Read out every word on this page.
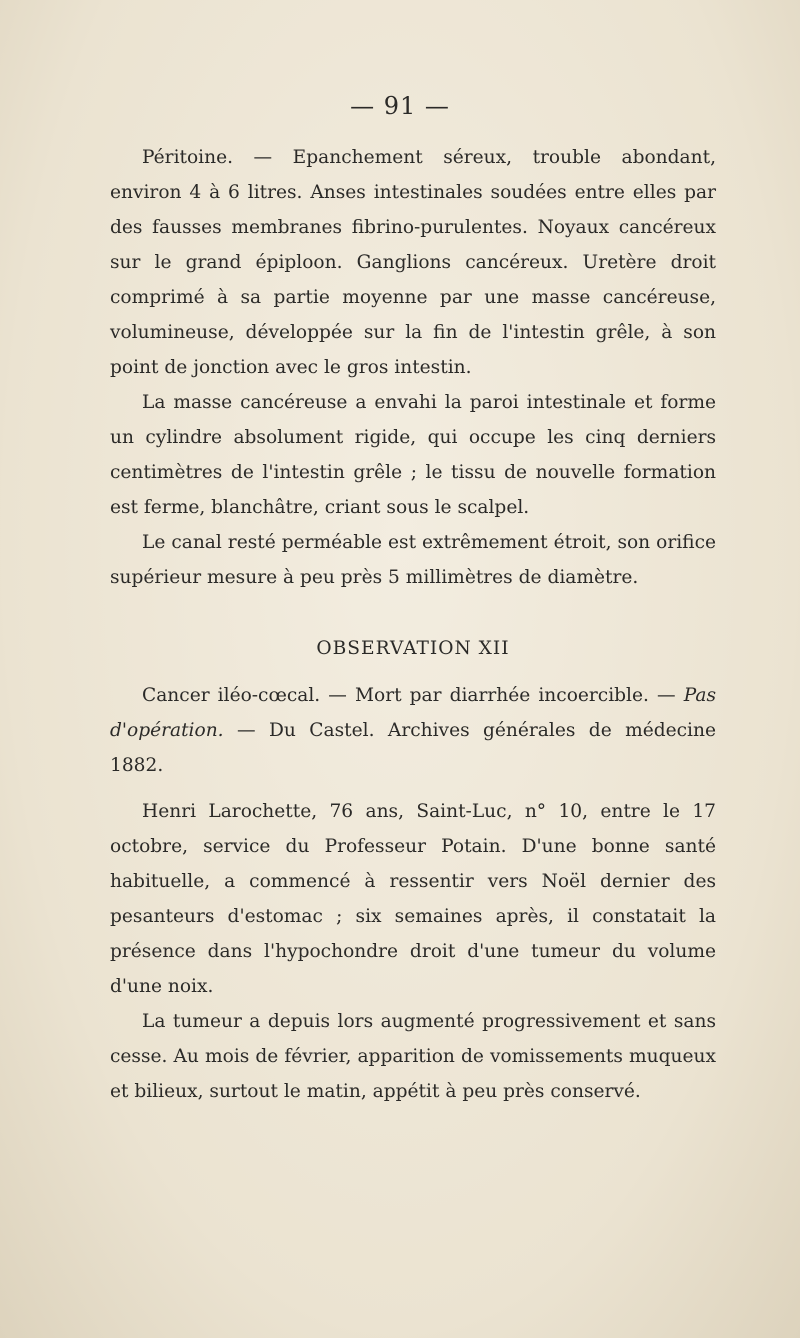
— 91 —

Péritoine. — Epanchement séreux, trouble abondant, environ 4 à 6 litres. Anses intestinales soudées entre elles par des fausses membranes fibrino-purulentes. Noyaux cancéreux sur le grand épiploon. Ganglions cancéreux. Uretère droit comprimé à sa partie moyenne par une masse cancéreuse, volumineuse, développée sur la fin de l'intestin grêle, à son point de jonction avec le gros intestin.

La masse cancéreuse a envahi la paroi intestinale et forme un cylindre absolument rigide, qui occupe les cinq derniers centimètres de l'intestin grêle ; le tissu de nouvelle formation est ferme, blanchâtre, criant sous le scalpel.

Le canal resté perméable est extrêmement étroit, son orifice supérieur mesure à peu près 5 millimètres de diamètre.

OBSERVATION XII

Cancer iléo-cœcal. — Mort par diarrhée incoercible. — Pas d'opération. — Du Castel. Archives générales de médecine 1882.

Henri Larochette, 76 ans, Saint-Luc, n° 10, entre le 17 octobre, service du Professeur Potain. D'une bonne santé habituelle, a commencé à ressentir vers Noël dernier des pesanteurs d'estomac ; six semaines après, il constatait la présence dans l'hypochondre droit d'une tumeur du volume d'une noix.

La tumeur a depuis lors augmenté progressivement et sans cesse. Au mois de février, apparition de vomissements muqueux et bilieux, surtout le matin, appétit à peu près conservé.
